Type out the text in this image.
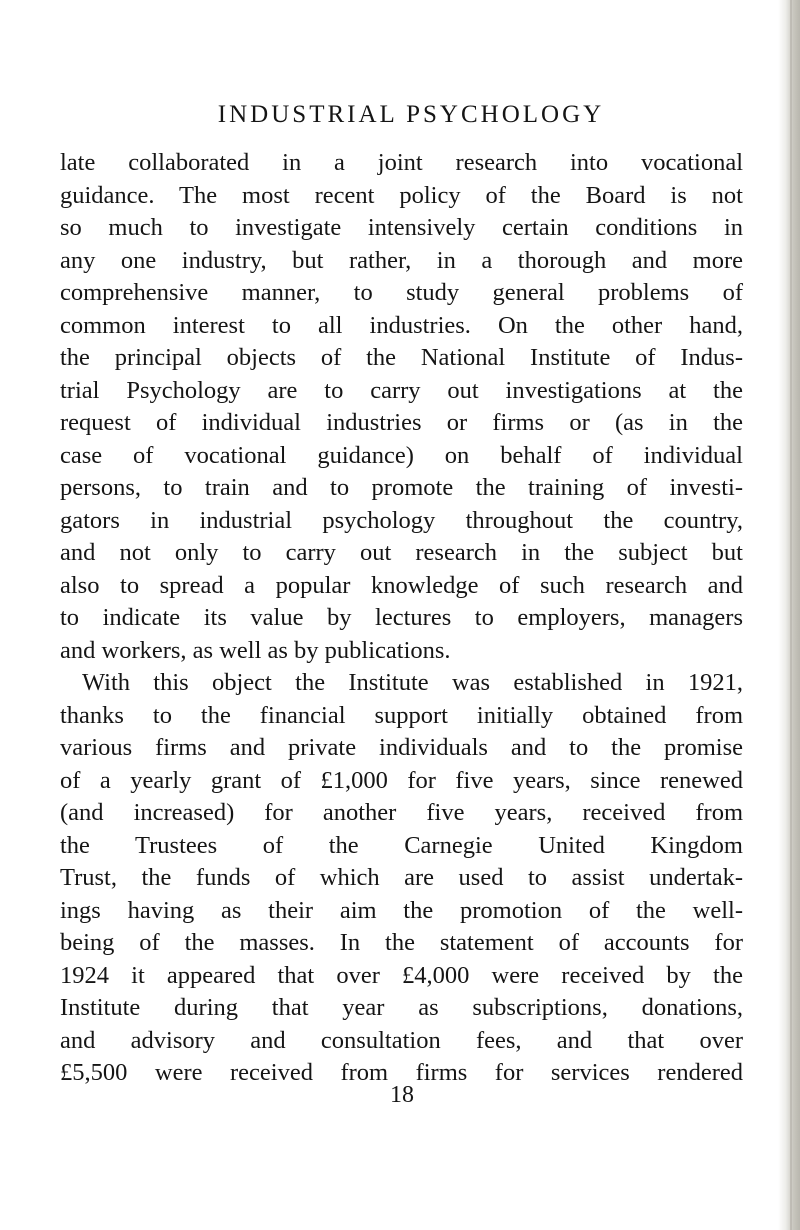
INDUSTRIAL PSYCHOLOGY
late collaborated in a joint research into vocational
guidance. The most recent policy of the Board is not
so much to investigate intensively certain conditions in
any one industry, but rather, in a thorough and more
comprehensive manner, to study general problems of
common interest to all industries. On the other hand,
the principal objects of the National Institute of Indus-
trial Psychology are to carry out investigations at the
request of individual industries or firms or (as in the
case of vocational guidance) on behalf of individual
persons, to train and to promote the training of investi-
gators in industrial psychology throughout the country,
and not only to carry out research in the subject but
also to spread a popular knowledge of such research and
to indicate its value by lectures to employers, managers
and workers, as well as by publications.
With this object the Institute was established in 1921,
thanks to the financial support initially obtained from
various firms and private individuals and to the promise
of a yearly grant of £1,000 for five years, since renewed
(and increased) for another five years, received from
the Trustees of the Carnegie United Kingdom
Trust, the funds of which are used to assist undertak-
ings having as their aim the promotion of the well-
being of the masses. In the statement of accounts for
1924 it appeared that over £4,000 were received by the
Institute during that year as subscriptions, donations,
and advisory and consultation fees, and that over
£5,500 were received from firms for services rendered
18
